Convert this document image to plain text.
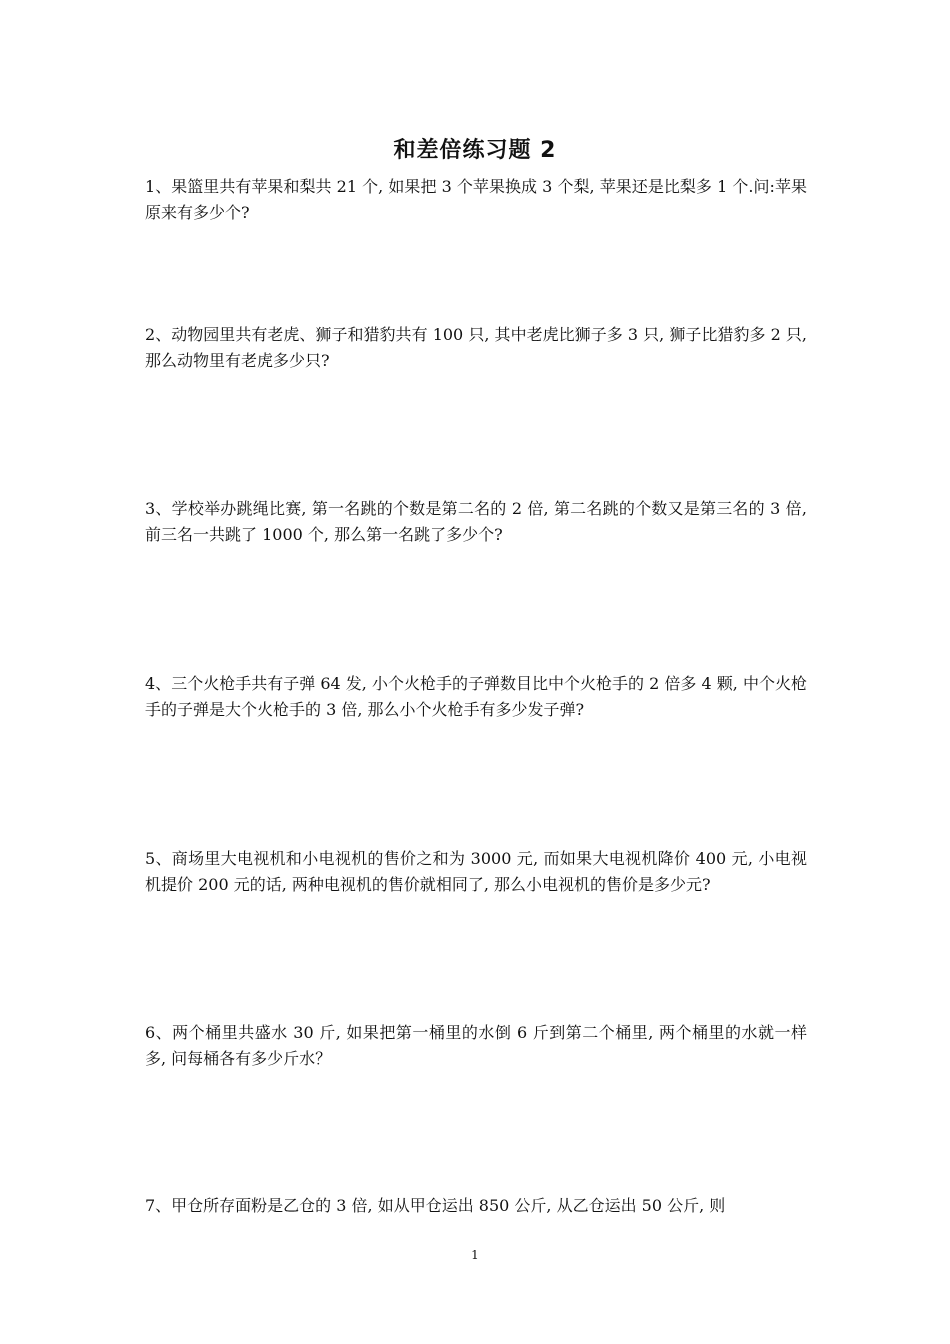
和差倍练习题 2

1、果篮里共有苹果和梨共 21 个, 如果把 3 个苹果换成 3 个梨, 苹果还是比梨多 1 个.问:苹果原来有多少个?

2、动物园里共有老虎、狮子和猎豹共有 100 只, 其中老虎比狮子多 3 只, 狮子比猎豹多 2 只,那么动物里有老虎多少只?

3、学校举办跳绳比赛, 第一名跳的个数是第二名的 2 倍, 第二名跳的个数又是第三名的 3 倍,前三名一共跳了 1000 个, 那么第一名跳了多少个?

4、三个火枪手共有子弹 64 发, 小个火枪手的子弹数目比中个火枪手的 2 倍多 4 颗, 中个火枪手的子弹是大个火枪手的 3 倍, 那么小个火枪手有多少发子弹?

5、商场里大电视机和小电视机的售价之和为 3000 元, 而如果大电视机降价 400 元, 小电视机提价 200 元的话, 两种电视机的售价就相同了, 那么小电视机的售价是多少元?

6、两个桶里共盛水 30 斤, 如果把第一桶里的水倒 6 斤到第二个桶里, 两个桶里的水就一样多, 问每桶各有多少斤水？

7、甲仓所存面粉是乙仓的 3 倍, 如从甲仓运出 850 公斤, 从乙仓运出 50 公斤, 则

1
